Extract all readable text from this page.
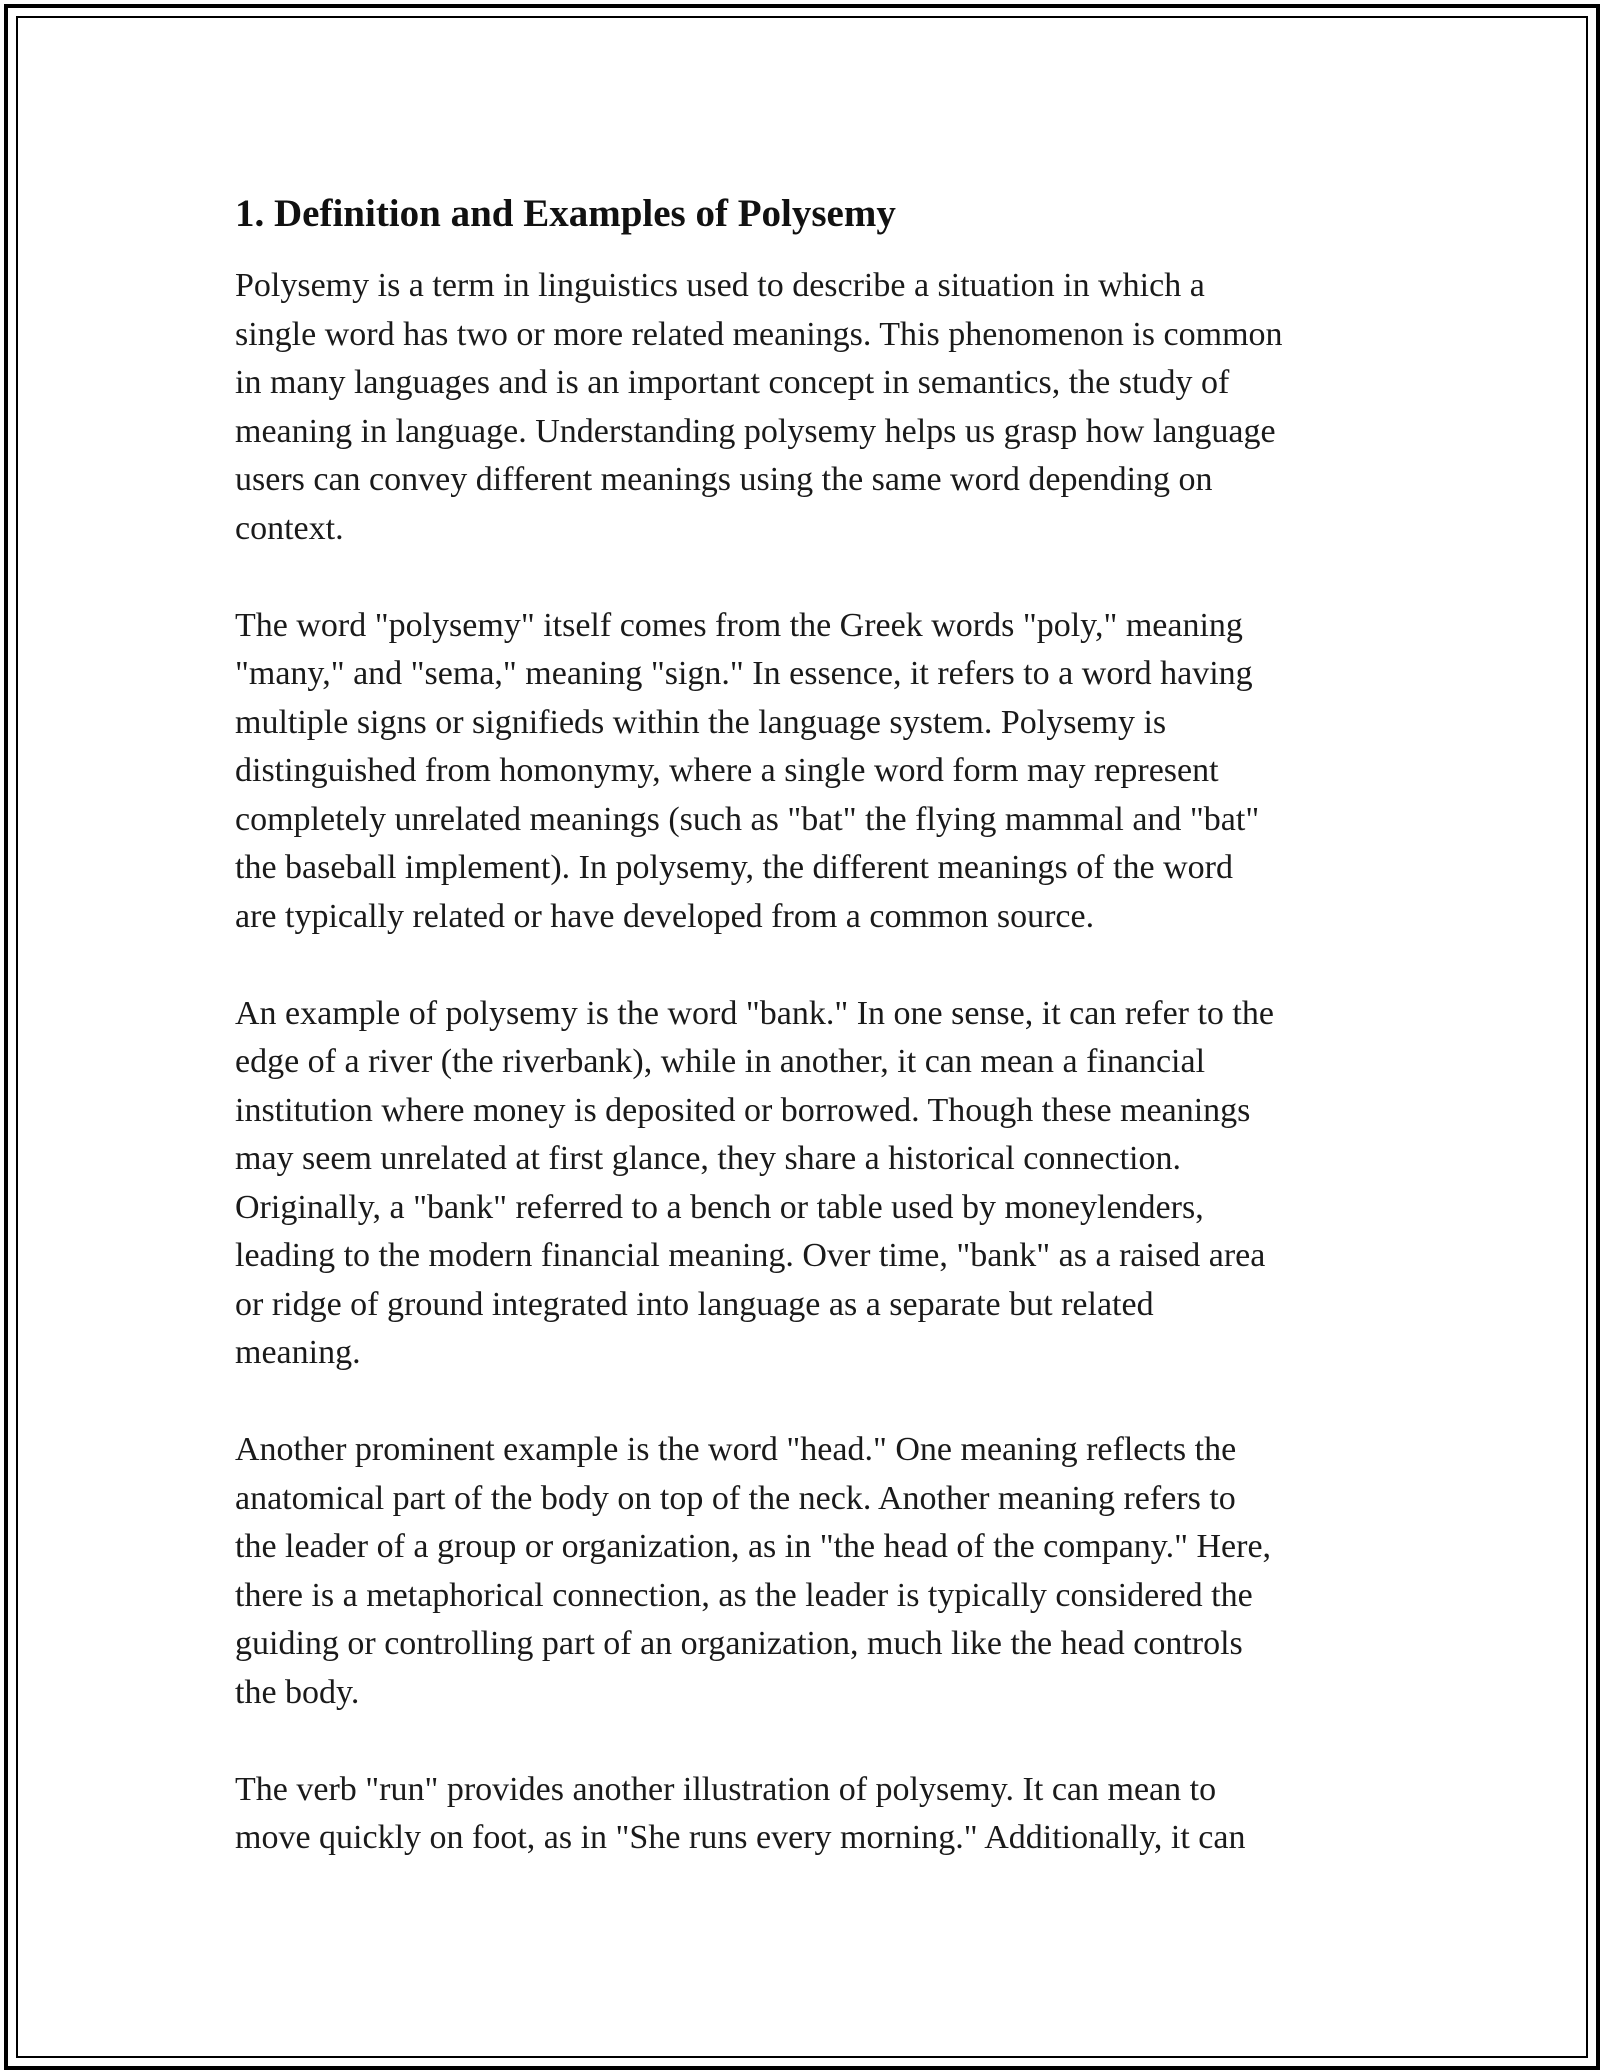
1. Definition and Examples of Polysemy
Polysemy is a term in linguistics used to describe a situation in which a
single word has two or more related meanings. This phenomenon is common
in many languages and is an important concept in semantics, the study of
meaning in language. Understanding polysemy helps us grasp how language
users can convey different meanings using the same word depending on
context.
The word "polysemy" itself comes from the Greek words "poly," meaning
"many," and "sema," meaning "sign." In essence, it refers to a word having
multiple signs or signifieds within the language system. Polysemy is
distinguished from homonymy, where a single word form may represent
completely unrelated meanings (such as "bat" the flying mammal and "bat"
the baseball implement). In polysemy, the different meanings of the word
are typically related or have developed from a common source.
An example of polysemy is the word "bank." In one sense, it can refer to the
edge of a river (the riverbank), while in another, it can mean a financial
institution where money is deposited or borrowed. Though these meanings
may seem unrelated at first glance, they share a historical connection.
Originally, a "bank" referred to a bench or table used by moneylenders,
leading to the modern financial meaning. Over time, "bank" as a raised area
or ridge of ground integrated into language as a separate but related
meaning.
Another prominent example is the word "head." One meaning reflects the
anatomical part of the body on top of the neck. Another meaning refers to
the leader of a group or organization, as in "the head of the company." Here,
there is a metaphorical connection, as the leader is typically considered the
guiding or controlling part of an organization, much like the head controls
the body.
The verb "run" provides another illustration of polysemy. It can mean to
move quickly on foot, as in "She runs every morning." Additionally, it can
